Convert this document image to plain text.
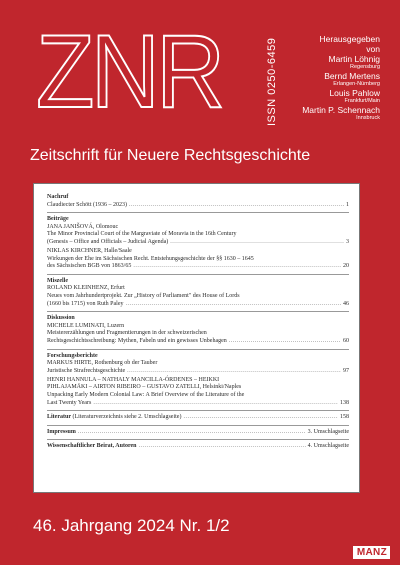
ZNR	ISSN 0250-6459	Herausgegeben
von
Martin Löhnig
Regensburg
Bernd Mertens
Erlangen-Nürnberg
Louis Pahlow
Frankfurt/Main
Martin P. Schennach
Innsbruck
Zeitschrift für Neuere Rechtsgeschichte
Nachruf
Claudiecter Schött (1936 – 2023) . . .	1
Beiträge
JANA JANIŠOVÁ, Olomouc
The Minor Provincial Court of the Margraviate of Moravia in the 16th Century
(Genesis – Office and Officials – Judicial Agenda) . . .	3
NIKLAS KIRCHNER, Halle/Saale
Wirkungen der Ehe im Sächsischen Recht. Entstehungsgeschichte der §§ 1630 – 1645
des Sächsischen BGB von 1863/65 . . .	20
Miszelle
ROLAND KLEINHENZ, Erfurt
Neues vom Jahrhundertprojekt. Zur „History of Parliament" des House of Lords
(1660 bis 1715) von Ruth Paley . . .	46
Diskussion
MICHELE LUMINATI, Luzern
Meistererzählungen und Fragmentierungen in der schweizerischen
Rechtsgeschichtsschreibung: Mythen, Fabeln und ein gewisses Unbehagen . . .	60
Forschungsberichte
MARKUS HIRTE, Rothenburg ob der Tauber
Juristische Strafrechtsgeschichte . . .	97
HENRI HANNULA – NATHALY MANCILLA-ÓRDENES – HEIKKI
PIHLAJAMÄKI – AIRTON RIBEIRO – GUSTAVO ZATELLI, Helsinki/Naples
Unpacking Early Modern Colonial Law: A Brief Overview of the Literature of the
Last Twenty Years . . .	138
Literatur (Literaturverzeichnis siehe 2. Umschlagseite) . . .	158
Impressum . . .	3. Umschlagseite
Wissenschaftlicher Beirat, Autoren . . .	4. Umschlagseite
46. Jahrgang 2024 Nr. 1/2
MANZ
